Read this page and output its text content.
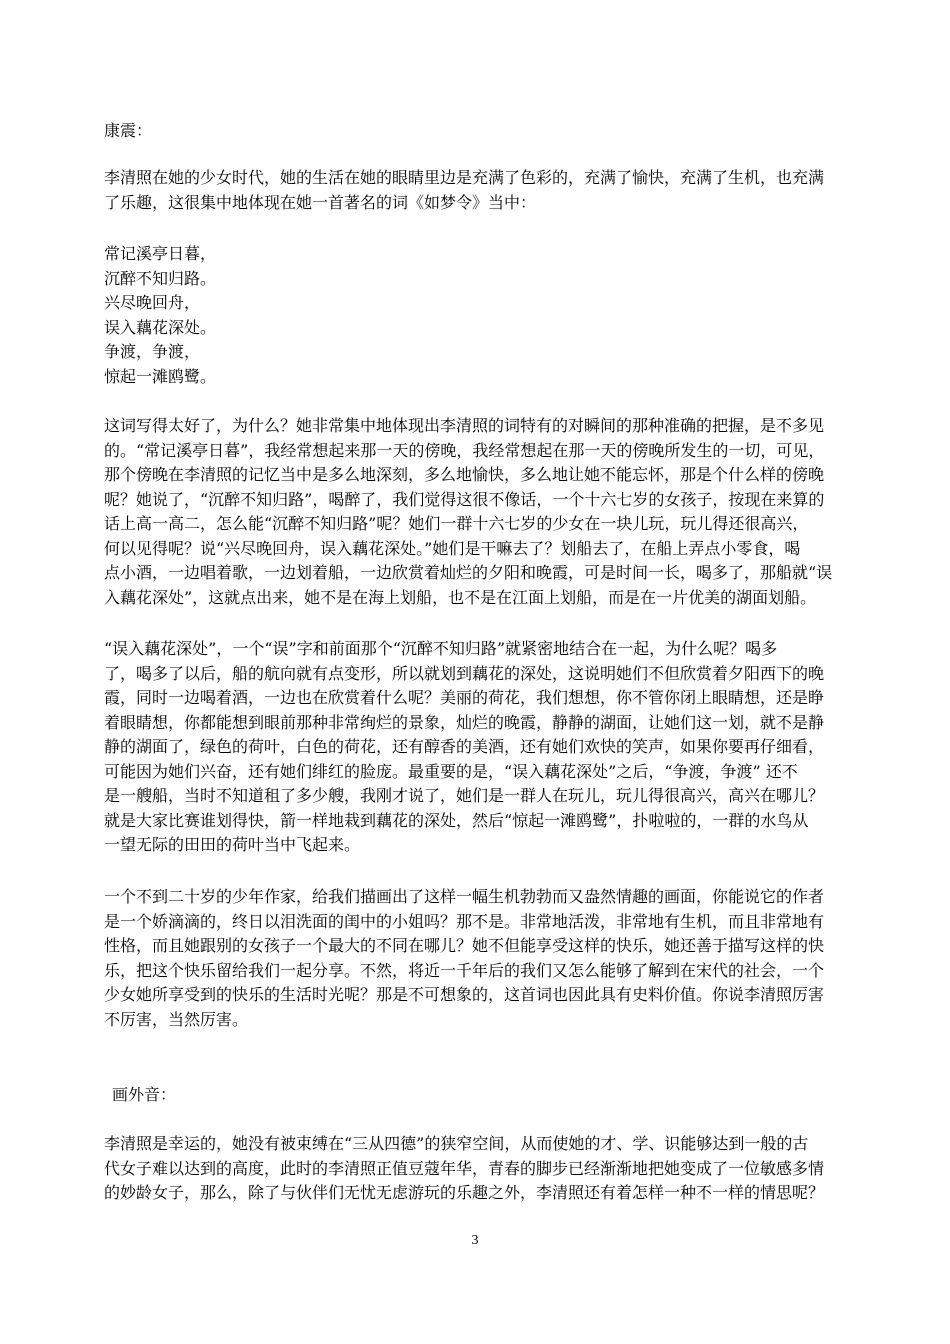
康震：
李清照在她的少女时代，她的生活在她的眼睛里边是充满了色彩的，充满了愉快，充满了生机，也充满
了乐趣，这很集中地体现在她一首著名的词《如梦令》当中：
常记溪亭日暮，
沉醉不知归路。
兴尽晚回舟，
误入藕花深处。
争渡，争渡，
惊起一滩鸥鹭。
这词写得太好了，为什么？她非常集中地体现出李清照的词特有的对瞬间的那种准确的把握，是不多见
的。“常记溪亭日暮”，我经常想起来那一天的傍晚，我经常想起在那一天的傍晚所发生的一切，可见，
那个傍晚在李清照的记忆当中是多么地深刻，多么地愉快，多么地让她不能忘怀，那是个什么样的傍晚
呢？她说了，“沉醉不知归路”，喝醉了，我们觉得这很不像话，一个十六七岁的女孩子，按现在来算的
话上高一高二，怎么能“沉醉不知归路”呢？她们一群十六七岁的少女在一块儿玩，玩儿得还很高兴，
何以见得呢？说“兴尽晚回舟，误入藕花深处。”她们是干嘛去了？划船去了，在船上弄点小零食，喝
点小酒，一边唱着歌，一边划着船，一边欣赏着灿烂的夕阳和晚霞，可是时间一长，喝多了，那船就“误
入藕花深处”，这就点出来，她不是在海上划船，也不是在江面上划船，而是在一片优美的湖面划船。
“误入藕花深处”，一个“误”字和前面那个“沉醉不知归路”就紧密地结合在一起，为什么呢？喝多
了，喝多了以后，船的航向就有点变形，所以就划到藕花的深处，这说明她们不但欣赏着夕阳西下的晚
霞，同时一边喝着酒，一边也在欣赏着什么呢？美丽的荷花，我们想想，你不管你闭上眼睛想，还是睁
着眼睛想，你都能想到眼前那种非常绚烂的景象，灿烂的晚霞，静静的湖面，让她们这一划，就不是静
静的湖面了，绿色的荷叶，白色的荷花，还有醇香的美酒，还有她们欢快的笑声，如果你要再仔细看，
可能因为她们兴奋，还有她们绯红的脸庞。最重要的是，“误入藕花深处”之后，“争渡，争渡” 还不
是一艘船，当时不知道租了多少艘，我刚才说了，她们是一群人在玩儿，玩儿得很高兴，高兴在哪儿？
就是大家比赛谁划得快，箭一样地栽到藕花的深处，然后“惊起一滩鸥鹭”，扑啦啦的，一群的水鸟从
一望无际的田田的荷叶当中飞起来。
一个不到二十岁的少年作家，给我们描画出了这样一幅生机勃勃而又盎然情趣的画面，你能说它的作者
是一个娇滴滴的，终日以泪洗面的闺中的小姐吗？那不是。非常地活泼，非常地有生机，而且非常地有
性格，而且她跟别的女孩子一个最大的不同在哪儿？她不但能享受这样的快乐，她还善于描写这样的快
乐，把这个快乐留给我们一起分享。不然，将近一千年后的我们又怎么能够了解到在宋代的社会，一个
少女她所享受到的快乐的生活时光呢？那是不可想象的，这首词也因此具有史料价值。你说李清照厉害
不厉害，当然厉害。
画外音：
李清照是幸运的，她没有被束缚在“三从四德”的狭窄空间，从而使她的才、学、识能够达到一般的古
代女子难以达到的高度，此时的李清照正值豆蔻年华，青春的脚步已经渐渐地把她变成了一位敏感多情
的妙龄女子，那么，除了与伙伴们无忧无虑游玩的乐趣之外，李清照还有着怎样一种不一样的情思呢？
3
